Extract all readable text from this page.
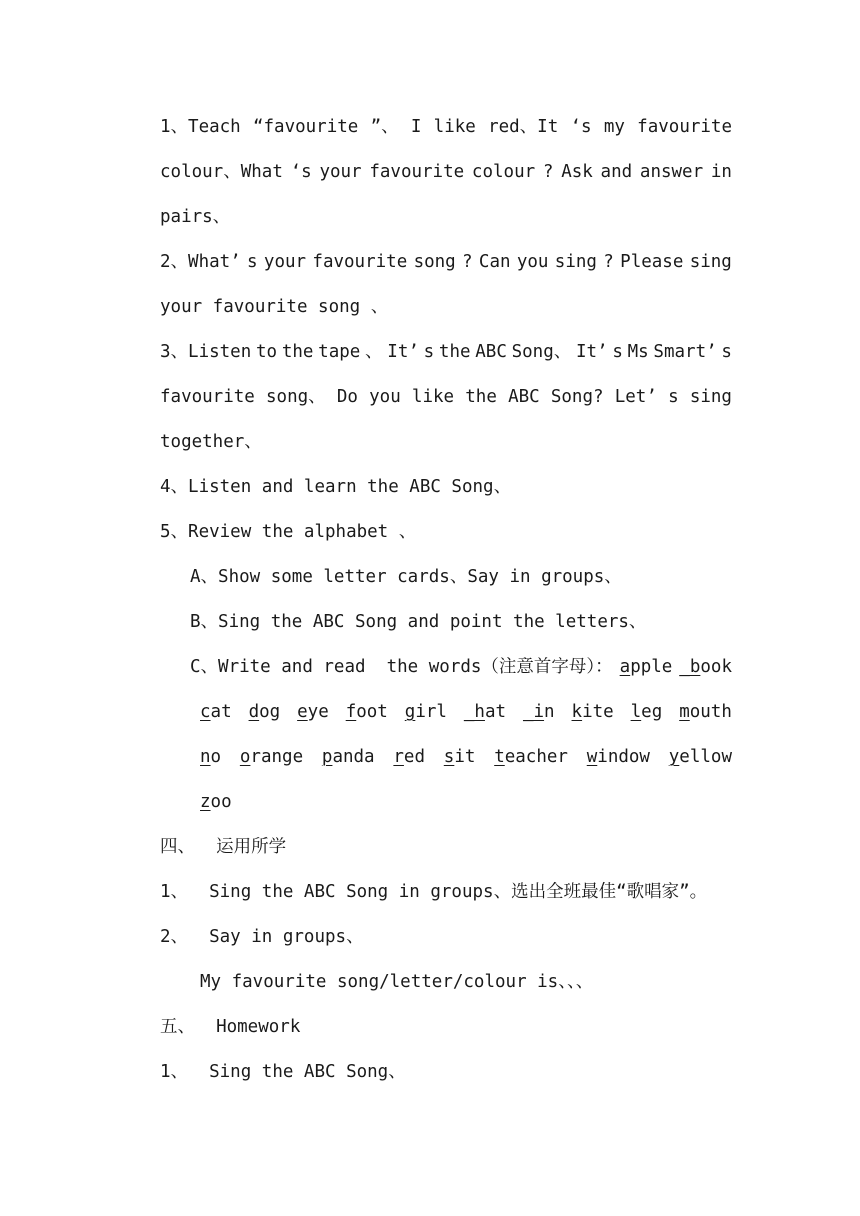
1、Teach “favourite ”、 I like red、It ‘s my favourite
colour、What ‘s your favourite colour ? Ask and answer in
pairs、
2、What’ s your favourite song ? Can you sing ? Please sing
your favourite song 、
3、Listen to the tape 、 It’ s the ABC Song、 It’ s Ms Smart’ s
favourite song、 Do you like the ABC Song? Let’ s sing
together、
4、Listen and learn the ABC Song、
5、Review the alphabet 、
A、Show some letter cards、Say in groups、
B、Sing the ABC Song and point the letters、
C、Write and read  the words（注意首字母）： apple _book
cat dog eye foot girl _hat _in kite leg mouth
no orange panda red sit teacher window yellow
zoo
四、  运用所学
1、  Sing the ABC Song in groups、选出全班最佳“歌唱家”。
2、  Say in groups、
My favourite song/letter/colour is、、、
五、  Homework
1、  Sing the ABC Song、
